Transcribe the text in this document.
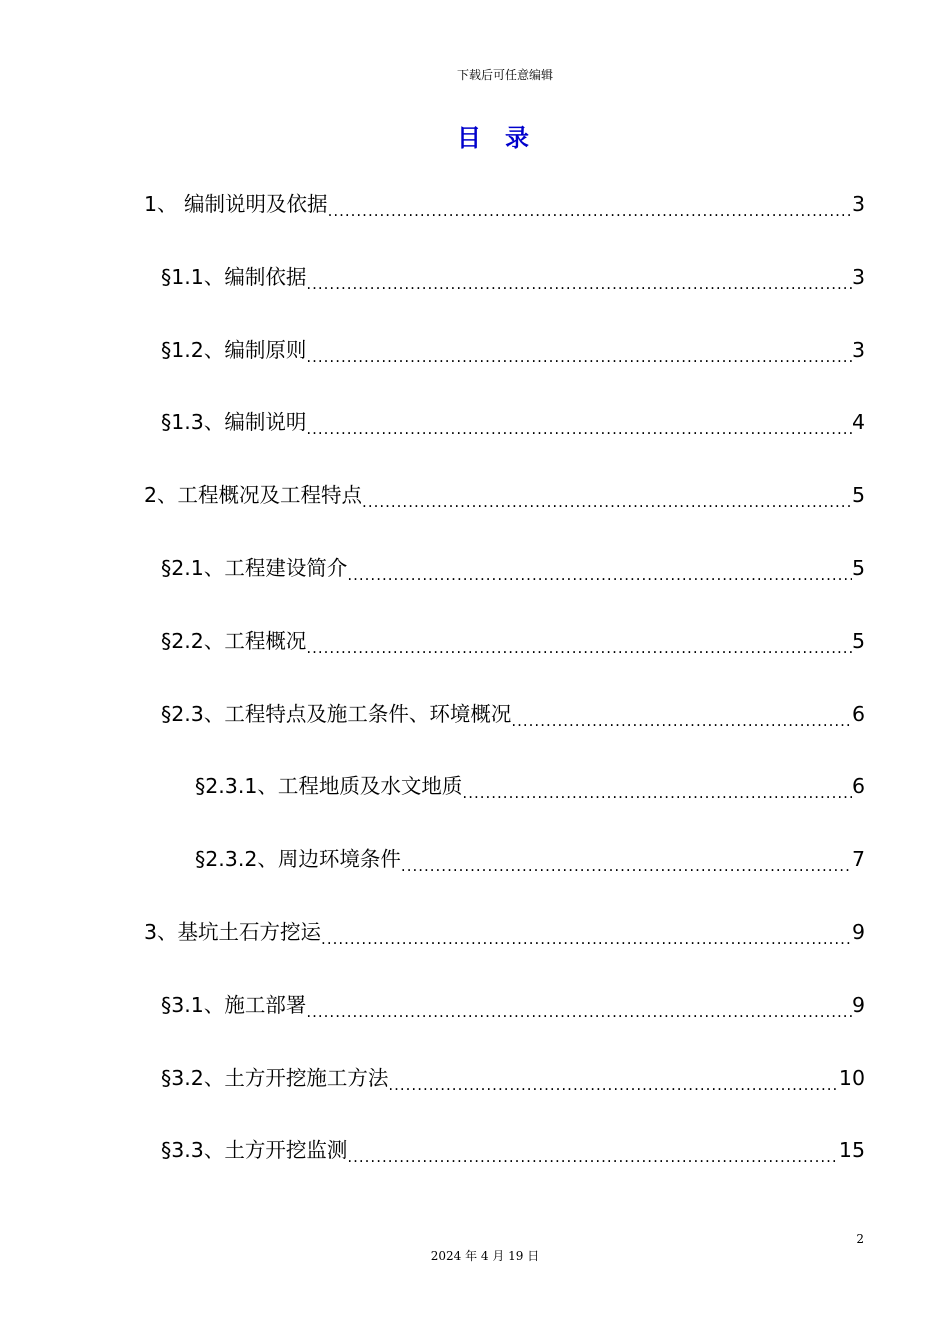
下载后可任意编辑
目录
1、 编制说明及依据 .....	3
§1.1、编制依据 .....	3
§1.2、编制原则 .....	3
§1.3、编制说明 .....	4
2、工程概况及工程特点 .....	5
§2.1、工程建设简介 .....	5
§2.2、工程概况 .....	5
§2.3、工程特点及施工条件、环境概况 .....	6
§2.3.1、工程地质及水文地质 .....	6
§2.3.2、周边环境条件 .....	7
3、基坑土石方挖运 .....	9
§3.1、施工部署 .....	9
§3.2、土方开挖施工方法 .....	10
§3.3、土方开挖监测 .....	15
2
2024 年 4 月 19 日
